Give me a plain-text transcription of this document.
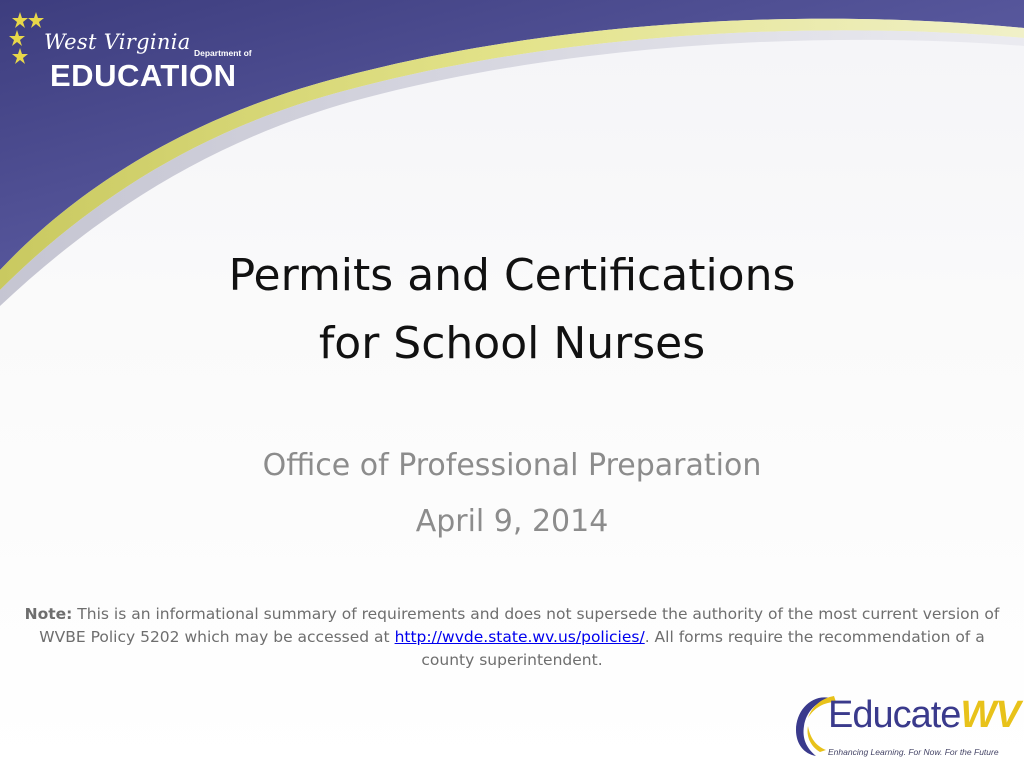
West Virginia Department of
EDUCATION
Permits and Certifications
for School Nurses
Office of Professional Preparation
April 9, 2014
Note: This is an informational summary of requirements and does not supersede the authority of the most current version of WVBE Policy 5202 which may be accessed at http://wvde.state.wv.us/policies/. All forms require the recommendation of a county superintendent.
EducateWV
Enhancing Learning. For Now. For the Future
